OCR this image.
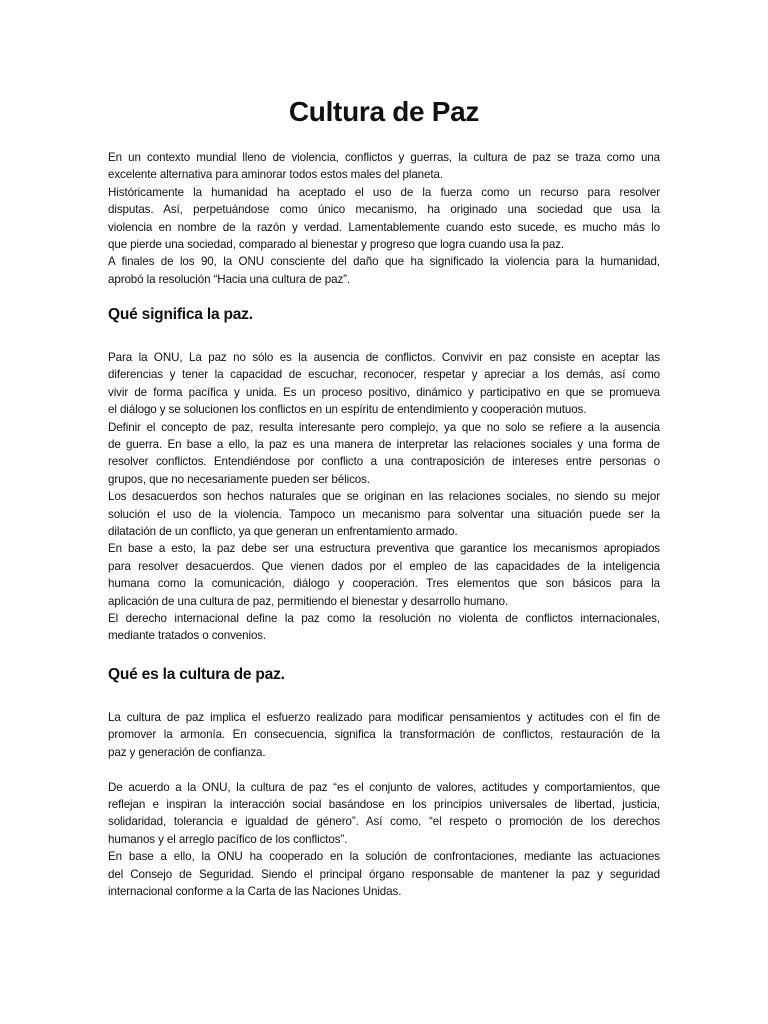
Cultura de Paz
En un contexto mundial lleno de violencia, conflictos y guerras, la cultura de paz se traza como una
excelente alternativa para aminorar todos estos males del planeta.
Históricamente la humanidad ha aceptado el uso de la fuerza como un recurso para resolver
disputas. Así, perpetuándose como único mecanismo, ha originado una sociedad que usa la
violencia en nombre de la razón y verdad. Lamentablemente cuando esto sucede, es mucho más lo
que pierde una sociedad, comparado al bienestar y progreso que logra cuando usa la paz.
A finales de los 90, la ONU consciente del daño que ha significado la violencia para la humanidad,
aprobó la resolución “Hacia una cultura de paz”.
Qué significa la paz.
Para la ONU, La paz no sólo es la ausencia de conflictos. Convivir en paz consiste en aceptar las
diferencias y tener la capacidad de escuchar, reconocer, respetar y apreciar a los demás, así como
vivir de forma pacífica y unida. Es un proceso positivo, dinámico y participativo en que se promueva
el diálogo y se solucionen los conflictos en un espíritu de entendimiento y cooperación mutuos.
Definir el concepto de paz, resulta interesante pero complejo, ya que no solo se refiere a la ausencia
de guerra. En base a ello, la paz es una manera de interpretar las relaciones sociales y una forma de
resolver conflictos. Entendiéndose por conflicto a una contraposición de intereses entre personas o
grupos, que no necesariamente pueden ser bélicos.
Los desacuerdos son hechos naturales que se originan en las relaciones sociales, no siendo su mejor
solución el uso de la violencia. Tampoco un mecanismo para solventar una situación puede ser la
dilatación de un conflicto, ya que generan un enfrentamiento armado.
En base a esto, la paz debe ser una estructura preventiva que garantice los mecanismos apropiados
para resolver desacuerdos. Que vienen dados por el empleo de las capacidades de la inteligencia
humana como la comunicación, diálogo y cooperación. Tres elementos que son básicos para la
aplicación de una cultura de paz, permitiendo el bienestar y desarrollo humano.
El derecho internacional define la paz como la resolución no violenta de conflictos internacionales,
mediante tratados o convenios.
Qué es la cultura de paz.
La cultura de paz implica el esfuerzo realizado para modificar pensamientos y actitudes con el fin de
promover la armonía. En consecuencia, significa la transformación de conflictos, restauración de la
paz y generación de confianza.
De acuerdo a la ONU, la cultura de paz “es el conjunto de valores, actitudes y comportamientos, que
reflejan e inspiran la interacción social basándose en los principios universales de libertad, justicia,
solidaridad, tolerancia e igualdad de género”. Así como, “el respeto o promoción de los derechos
humanos y el arreglo pacífico de los conflictos”.
En base a ello, la ONU ha cooperado en la solución de confrontaciones, mediante las actuaciones
del Consejo de Seguridad. Siendo el principal órgano responsable de mantener la paz y seguridad
internacional conforme a la Carta de las Naciones Unidas.
